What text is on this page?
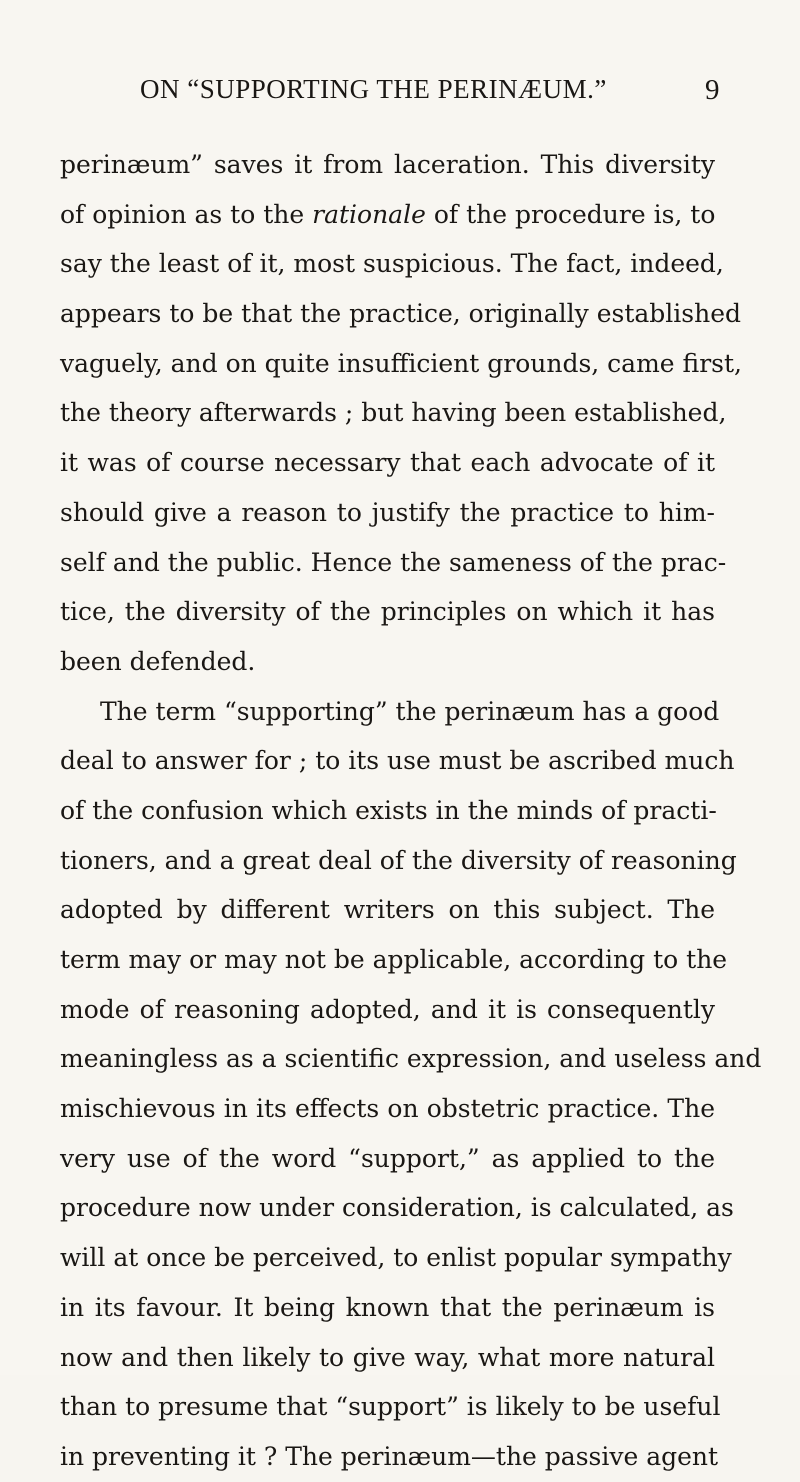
ON “SUPPORTING THE PERINÆUM.”	9
perinæum” saves it from laceration. This diversity
of opinion as to the rationale of the procedure is, to
say the least of it, most suspicious. The fact, indeed,
appears to be that the practice, originally established
vaguely, and on quite insufficient grounds, came first,
the theory afterwards ; but having been established,
it was of course necessary that each advocate of it
should give a reason to justify the practice to him-
self and the public. Hence the sameness of the prac-
tice, the diversity of the principles on which it has
been defended.
The term “supporting” the perinæum has a good
deal to answer for ; to its use must be ascribed much
of the confusion which exists in the minds of practi-
tioners, and a great deal of the diversity of reasoning
adopted by different writers on this subject. The
term may or may not be applicable, according to the
mode of reasoning adopted, and it is consequently
meaningless as a scientific expression, and useless and
mischievous in its effects on obstetric practice. The
very use of the word “support,” as applied to the
procedure now under consideration, is calculated, as
will at once be perceived, to enlist popular sympathy
in its favour. It being known that the perinæum is
now and then likely to give way, what more natural
than to presume that “support” is likely to be useful
in preventing it ? The perinæum—the passive agent
